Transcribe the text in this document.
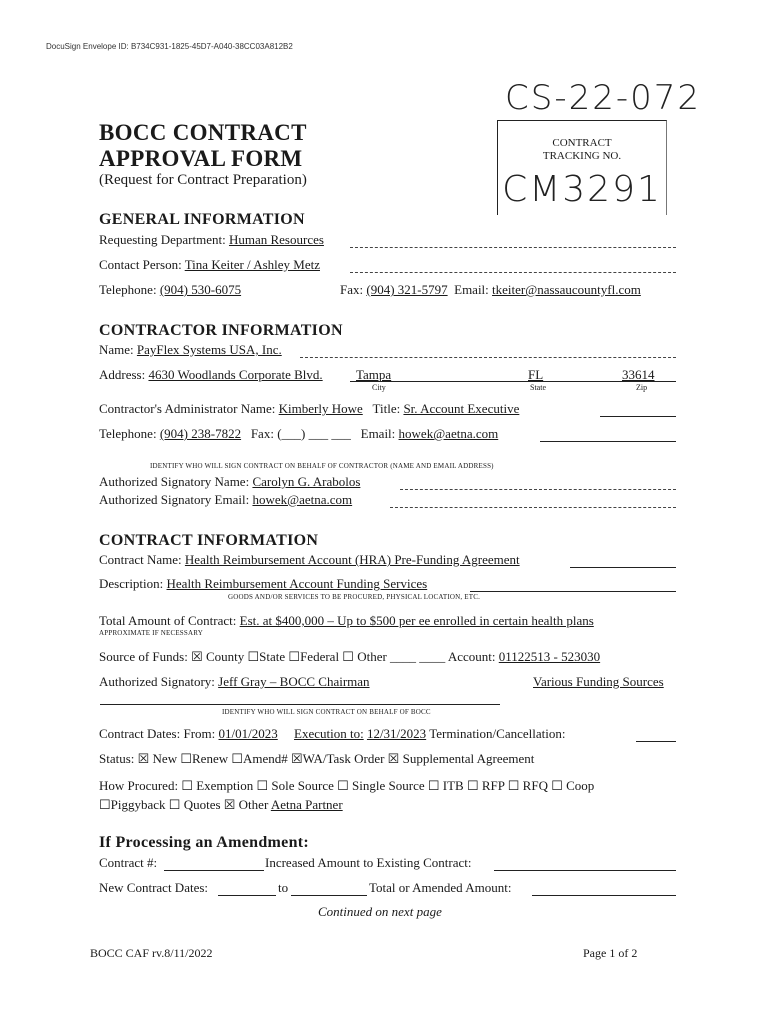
DocuSign Envelope ID: B734C931-1825-45D7-A040-38CC03A812B2
CS-22-072
CONTRACT
TRACKING NO.
CM3291
BOCC CONTRACT
APPROVAL FORM
(Request for Contract Preparation)
GENERAL INFORMATION
Requesting Department: Human Resources
Contact Person: Tina Keiter / Ashley Metz
Telephone: (904) 530-6075	Fax: (904) 321-5797 Email: tkeiter@nassaucountyfl.com
CONTRACTOR INFORMATION
Name: PayFlex Systems USA, Inc.
Address: 4630 Woodlands Corporate Blvd.	Tampa	FL	33614
City	State	Zip
Contractor's Administrator Name: Kimberly Howe Title: Sr. Account Executive
Telephone: (904) 238-7822 Fax: (___) ___ ___ Email: howek@aetna.com
IDENTIFY WHO WILL SIGN CONTRACT ON BEHALF OF CONTRACTOR (NAME AND EMAIL ADDRESS)
Authorized Signatory Name: Carolyn G. Arabolos
Authorized Signatory Email: howek@aetna.com
CONTRACT INFORMATION
Contract Name: Health Reimbursement Account (HRA) Pre-Funding Agreement
Description: Health Reimbursement Account Funding Services
GOODS AND/OR SERVICES TO BE PROCURED, PHYSICAL LOCATION, ETC.
Total Amount of Contract: Est. at $400,000 – Up to $500 per ee enrolled in certain health plans
APPROXIMATE IF NECESSARY
Source of Funds: ☒ County ☐State ☐Federal ☐ Other ____ ____ Account: 01122513 - 523030
Authorized Signatory: Jeff Gray – BOCC Chairman	Various Funding Sources
IDENTIFY WHO WILL SIGN CONTRACT ON BEHALF OF BOCC
Contract Dates: From: 01/01/2023 Execution to: 12/31/2023 Termination/Cancellation:
Status: ☒ New ☐Renew ☐Amend# ☒WA/Task Order ☒ Supplemental Agreement
How Procured: ☐ Exemption ☐ Sole Source ☐ Single Source ☐ ITB ☐ RFP ☐ RFQ ☐ Coop
☐Piggyback ☐ Quotes ☒ Other Aetna Partner
If Processing an Amendment:
Contract #:	Increased Amount to Existing Contract:
New Contract Dates:	to	Total or Amended Amount:
Continued on next page
BOCC CAF rv.8/11/2022	Page 1 of 2
